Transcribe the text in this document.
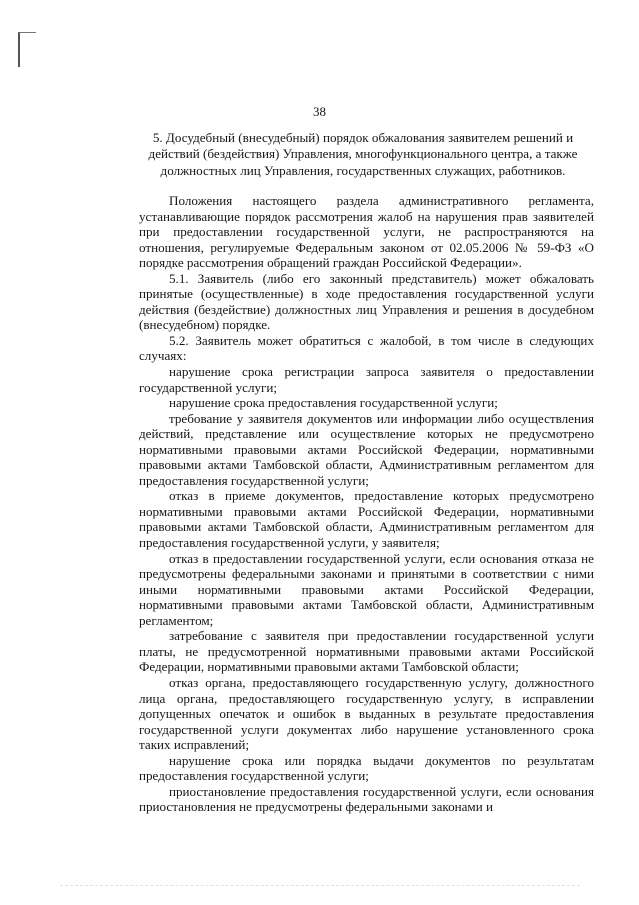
38
5. Досудебный (внесудебный) порядок обжалования заявителем решений и действий (бездействия) Управления, многофункционального центра, а также должностных лиц Управления, государственных служащих, работников.

Положения настоящего раздела административного регламента, устанавливающие порядок рассмотрения жалоб на нарушения прав заявителей при предоставлении государственной услуги, не распространяются на отношения, регулируемые Федеральным законом от 02.05.2006 № 59-ФЗ «О порядке рассмотрения обращений граждан Российской Федерации».

5.1. Заявитель (либо его законный представитель) может обжаловать принятые (осуществленные) в ходе предоставления государственной услуги действия (бездействие) должностных лиц Управления и решения в досудебном (внесудебном) порядке.

5.2. Заявитель может обратиться с жалобой, в том числе в следующих случаях:

нарушение срока регистрации запроса заявителя о предоставлении государственной услуги;

нарушение срока предоставления государственной услуги;

требование у заявителя документов или информации либо осуществления действий, представление или осуществление которых не предусмотрено нормативными правовыми актами Российской Федерации, нормативными правовыми актами Тамбовской области, Административным регламентом для предоставления государственной услуги;

отказ в приеме документов, предоставление которых предусмотрено нормативными правовыми актами Российской Федерации, нормативными правовыми актами Тамбовской области, Административным регламентом для предоставления государственной услуги, у заявителя;

отказ в предоставлении государственной услуги, если основания отказа не предусмотрены федеральными законами и принятыми в соответствии с ними иными нормативными правовыми актами Российской Федерации, нормативными правовыми актами Тамбовской области, Административным регламентом;

затребование с заявителя при предоставлении государственной услуги платы, не предусмотренной нормативными правовыми актами Российской Федерации, нормативными правовыми актами Тамбовской области;

отказ органа, предоставляющего государственную услугу, должностного лица органа, предоставляющего государственную услугу, в исправлении допущенных опечаток и ошибок в выданных в результате предоставления государственной услуги документах либо нарушение установленного срока таких исправлений;

нарушение срока или порядка выдачи документов по результатам предоставления государственной услуги;

приостановление предоставления государственной услуги, если основания приостановления не предусмотрены федеральными законами и
